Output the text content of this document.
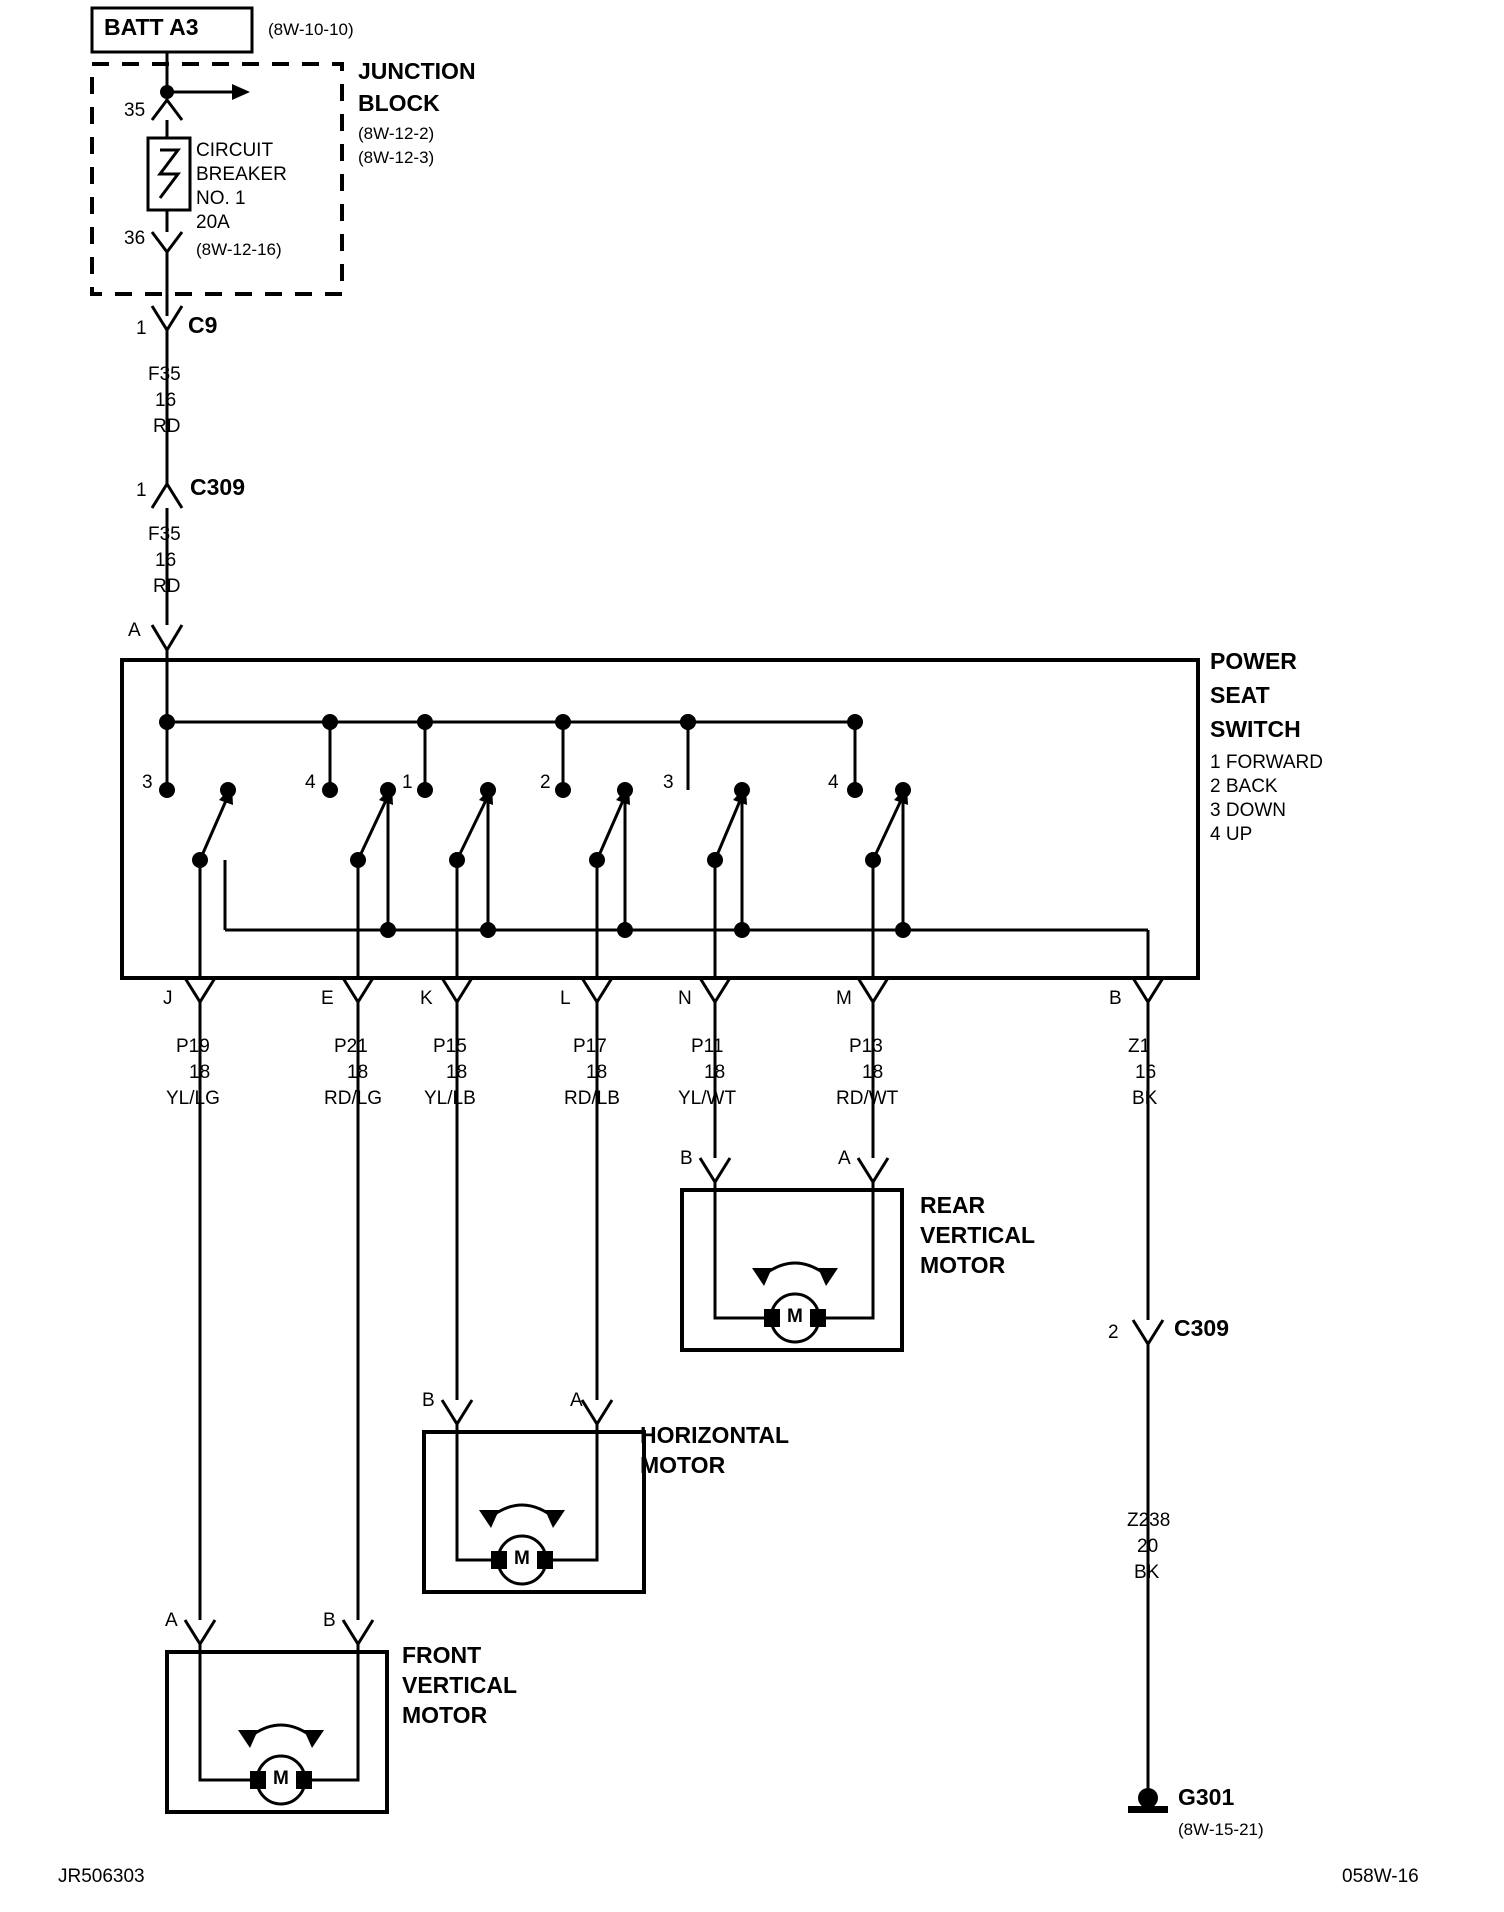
BATT A3	(8W-10-10)
JUNCTION
BLOCK
(8W-12-2)
(8W-12-3)
35
36
CIRCUIT
BREAKER
NO. 1
20A
(8W-12-16)
1 C9
F35
16
RD
1 C309
F35
16
RD
A
POWER
SEAT
SWITCH
1 FORWARD
2 BACK
3 DOWN
4 UP
3	4	1	2	3	4
J	E	K	L	N	M	B
P19
18
YL/LG
P21
18
RD/LG
P15
18
YL/LB
P17
18
RD/LB
P11
18
YL/WT
P13
18
RD/WT
Z1
16
BK
B	A
REAR
VERTICAL
MOTOR
M
B	A
HORIZONTAL
MOTOR
M
A	B
FRONT
VERTICAL
MOTOR
M
2 C309
Z238
20
BK
G301
(8W-15-21)
JR506303	058W-16
